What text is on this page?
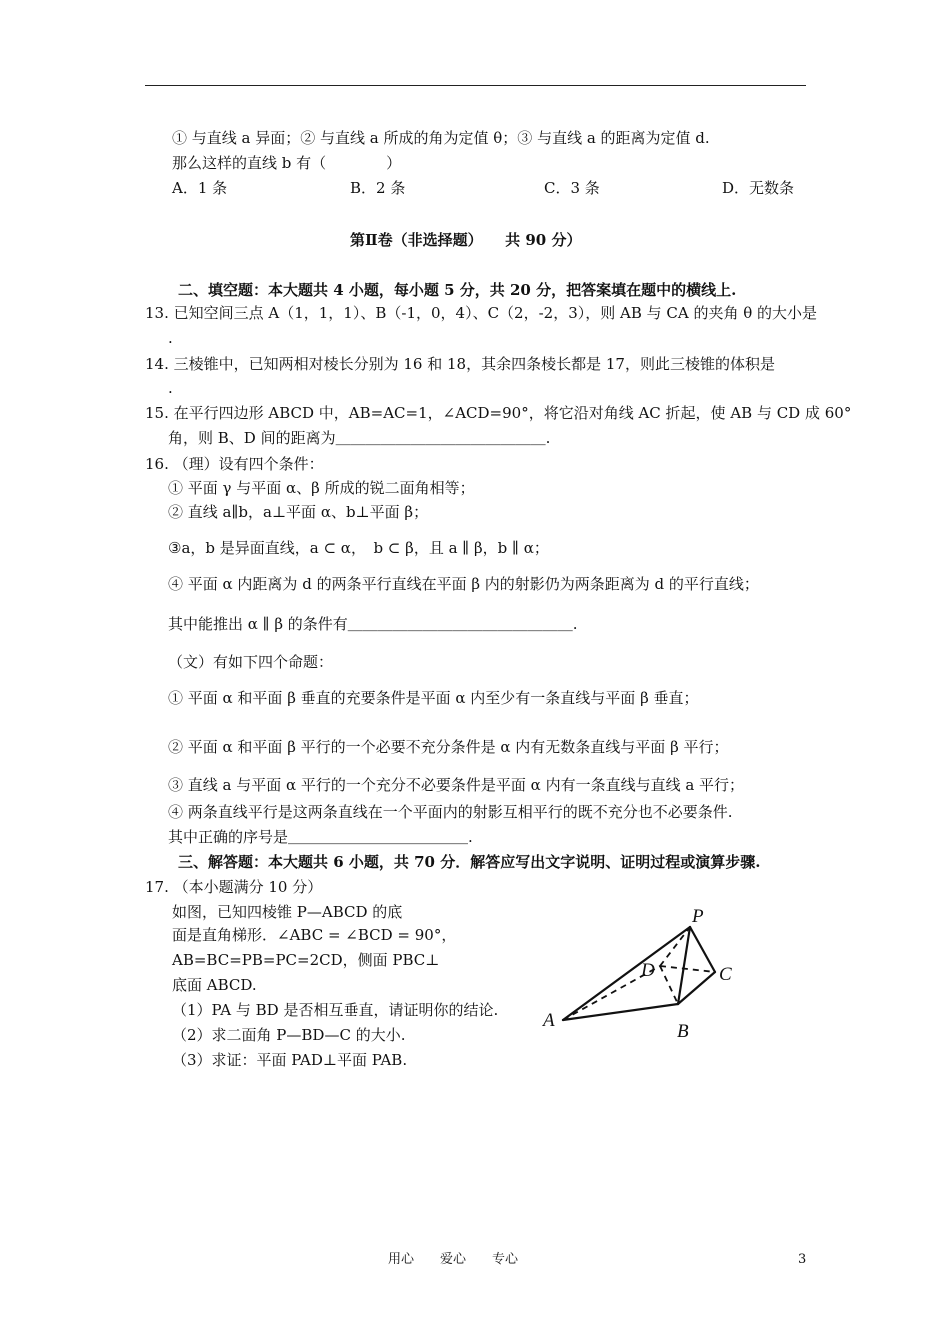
① 与直线 a 异面；② 与直线 a 所成的角为定值 θ；③ 与直线 a 的距离为定值 d.
那么这样的直线 b 有（　　　　）
A．1 条	B．2 条	C．3 条	D．无数条
第Ⅱ卷（非选择题）　　共 90 分）
二、填空题：本大题共 4 小题，每小题 5 分，共 20 分，把答案填在题中的横线上.
13. 已知空间三点 A（1，1，1）、B（-1，0，4）、C（2，-2，3），则 AB 与 CA 的夹角 θ 的大小是
.
14. 三棱锥中，已知两相对棱长分别为 16 和 18，其余四条棱长都是 17，则此三棱锥的体积是
.
15. 在平行四边形 ABCD 中，AB=AC=1，∠ACD=90°，将它沿对角线 AC 折起，使 AB 与 CD 成 60°
角，则 B、D 间的距离为＿＿＿＿＿＿＿＿＿＿＿＿＿＿.
16. （理）设有四个条件：
① 平面 γ 与平面 α、β 所成的锐二面角相等；
② 直线 a∥b，a⊥平面 α、b⊥平面 β；
③a，b 是异面直线，a ⊂ α，　b ⊂ β，且 a ∥ β，b ∥ α；
④ 平面 α 内距离为 d 的两条平行直线在平面 β 内的射影仍为两条距离为 d 的平行直线；
其中能推出 α ∥ β 的条件有＿＿＿＿＿＿＿＿＿＿＿＿＿＿＿.
（文）有如下四个命题：
① 平面 α 和平面 β 垂直的充要条件是平面 α 内至少有一条直线与平面 β 垂直；
② 平面 α 和平面 β 平行的一个必要不充分条件是 α 内有无数条直线与平面 β 平行；
③ 直线 a 与平面 α 平行的一个充分不必要条件是平面 α 内有一条直线与直线 a 平行；
④ 两条直线平行是这两条直线在一个平面内的射影互相平行的既不充分也不必要条件.
其中正确的序号是＿＿＿＿＿＿＿＿＿＿＿＿.
三、解答题：本大题共 6 小题，共 70 分．解答应写出文字说明、证明过程或演算步骤.
17. （本小题满分 10 分）
如图，已知四棱锥 P—ABCD 的底
面是直角梯形．∠ABC = ∠BCD = 90°，
AB=BC=PB=PC=2CD，侧面 PBC⊥
底面 ABCD.
（1）PA 与 BD 是否相互垂直，请证明你的结论.
（2）求二面角 P—BD—C 的大小.
（3）求证：平面 PAD⊥平面 PAB.
P
D	C
A
B
用心　　爱心　　专心	3
